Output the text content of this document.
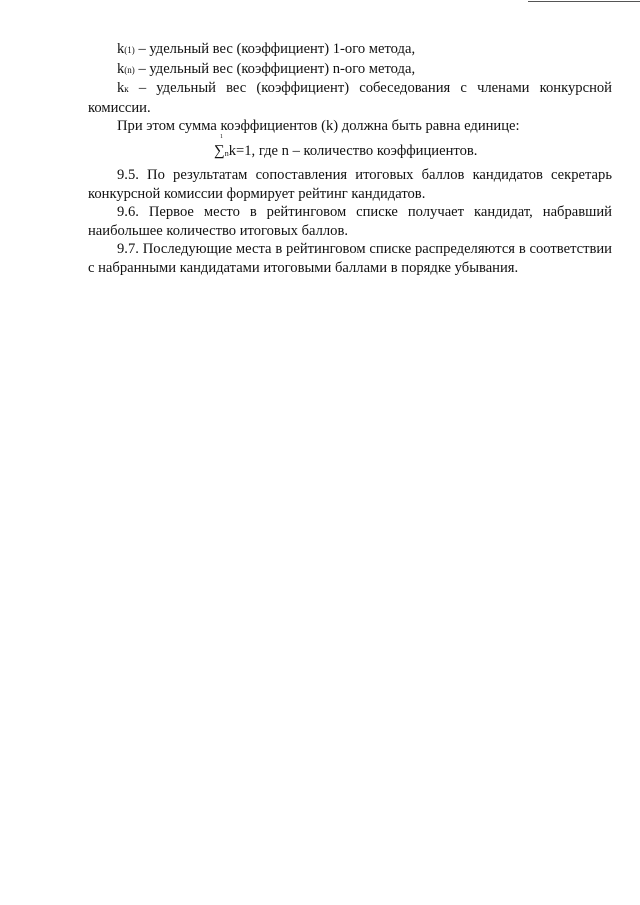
k(1) – удельный вес (коэффициент) 1-ого метода,

k(n) – удельный вес (коэффициент) n-ого метода,

kк – удельный вес (коэффициент) собеседования с членами конкурсной комиссии.

При этом сумма коэффициентов (k) должна быть равна единице:

1
∑nk=1, где n – количество коэффициентов.

9.5. По результатам сопоставления итоговых баллов кандидатов секретарь конкурсной комиссии формирует рейтинг кандидатов.

9.6. Первое место в рейтинговом списке получает кандидат, набравший наибольшее количество итоговых баллов.

9.7. Последующие места в рейтинговом списке распределяются в соответствии с набранными кандидатами итоговыми баллами в порядке убывания.
